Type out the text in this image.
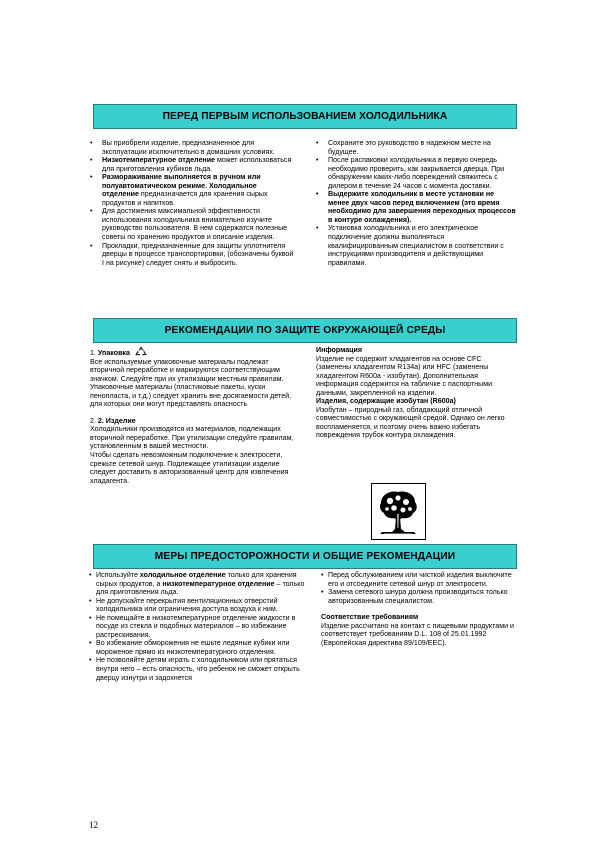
ПЕРЕД ПЕРВЫМ ИСПОЛЬЗОВАНИЕМ ХОЛОДИЛЬНИКА
• Вы приобрели изделие, предназначенное для эксплуатации исключительно в домашних условиях.
• Низкотемпературное отделение может использоваться для приготовления кубиков льда.
• Размораживание выполняется в ручном или полуавтоматическом режиме. Холодильное отделение предназначается для хранения сырых продуктов и напитков.
• Для достижения максимальной эффективности использования холодильника внимательно изучите руководство пользователя. В нем содержатся полезные советы по хранению продуктов и описание изделия.
• Прокладки, предназначенные для защиты уплотнителя дверцы в процессе транспортировки, (обозначены буквой I на рисунке) следует снять и выбросить.
• Сохраните это руководство в надежном месте на будущее.
• После распаковки холодильника в первую очередь необходимо проверить, как закрывается дверца. При обнаружении каких-либо повреждений свяжитесь с дилером в течение 24 часов с момента доставки.
• Выдержите холодильник в месте установки не менее двух часов перед включением (это время необходимо для завершения переходных процессов в контуре охлаждения).
• Установка холодильника и его электрическое подключение должны выполняться квалифицированным специалистом в соответствии с инструкциями производителя и действующими правилами.
РЕКОМЕНДАЦИИ ПО ЗАЩИТЕ ОКРУЖАЮЩЕЙ СРЕДЫ

1. Упаковка

Все используемые упаковочные материалы подлежат вторичной переработке и маркируются соответствующим значком. Следуйте при их утилизации местным правилам.

Упаковочные материалы (пластиковые пакеты, куски пенопласта, и т.д.) следует хранить вне досягаемости детей, для которых они могут представлять опасность

2. 2. Изделие

Холодильники производятся из материалов, подлежащих вторичной переработке. При утилизации следуйте правилам, установленным в вашей местности.

Чтобы сделать невозможным подключение к электросети, срежьте сетевой шнур. Подлежащее утилизации изделие следует доставить в авторизованный центр для извлечения хладагента.

Информация

Изделие не содержит хладагентов на основе CFC (заменены хладагентом R134a) или HFC (заменены хладагентом R600a - изобутан). Дополнительная информация содержится на табличке с паспортными данными, закрепленной на изделии.

Изделия, содержащие изобутан (R600a)

Изобутан – природный газ, обладающий отличной совместимостью с окружающей средой. Однако он легко воспламеняется, и поэтому очень важно избегать повреждения трубок контура охлаждения.

МЕРЫ ПРЕДОСТОРОЖНОСТИ И ОБЩИЕ РЕКОМЕНДАЦИИ
• Используйте холодильное отделение только для хранения сырых продуктов, а низкотемпературное отделение – только для приготовления льда.
• Не допускайте перекрытия вентиляционных отверстий холодильника или ограничения доступа воздуха к ним.
• Не помещайте в низкотемпературное отделение жидкости в посуде из стекла и подобных материалов – во избежание растрескивания.
• Во избежание обморожения не ешьте ледяные кубики или мороженое прямо из низкотемпературного отделения.
• Не позволяйте детям играть с холодильником или прятаться внутри него – есть опасность, что ребенок не сможет открыть дверцу изнутри и задохнется
• Перед обслуживанием или чисткой изделия выключите его и отсоедините сетевой шнур от электросети.
• Замена сетевого шнура должна производиться только авторизованным специалистом.

Соответствие требованиям

Изделие рассчитано на контакт с пищевыми продуктами и соответствует требованиям D.L. 108 of 25.01.1992 (Европейская директива 89/109/EEC).

12
